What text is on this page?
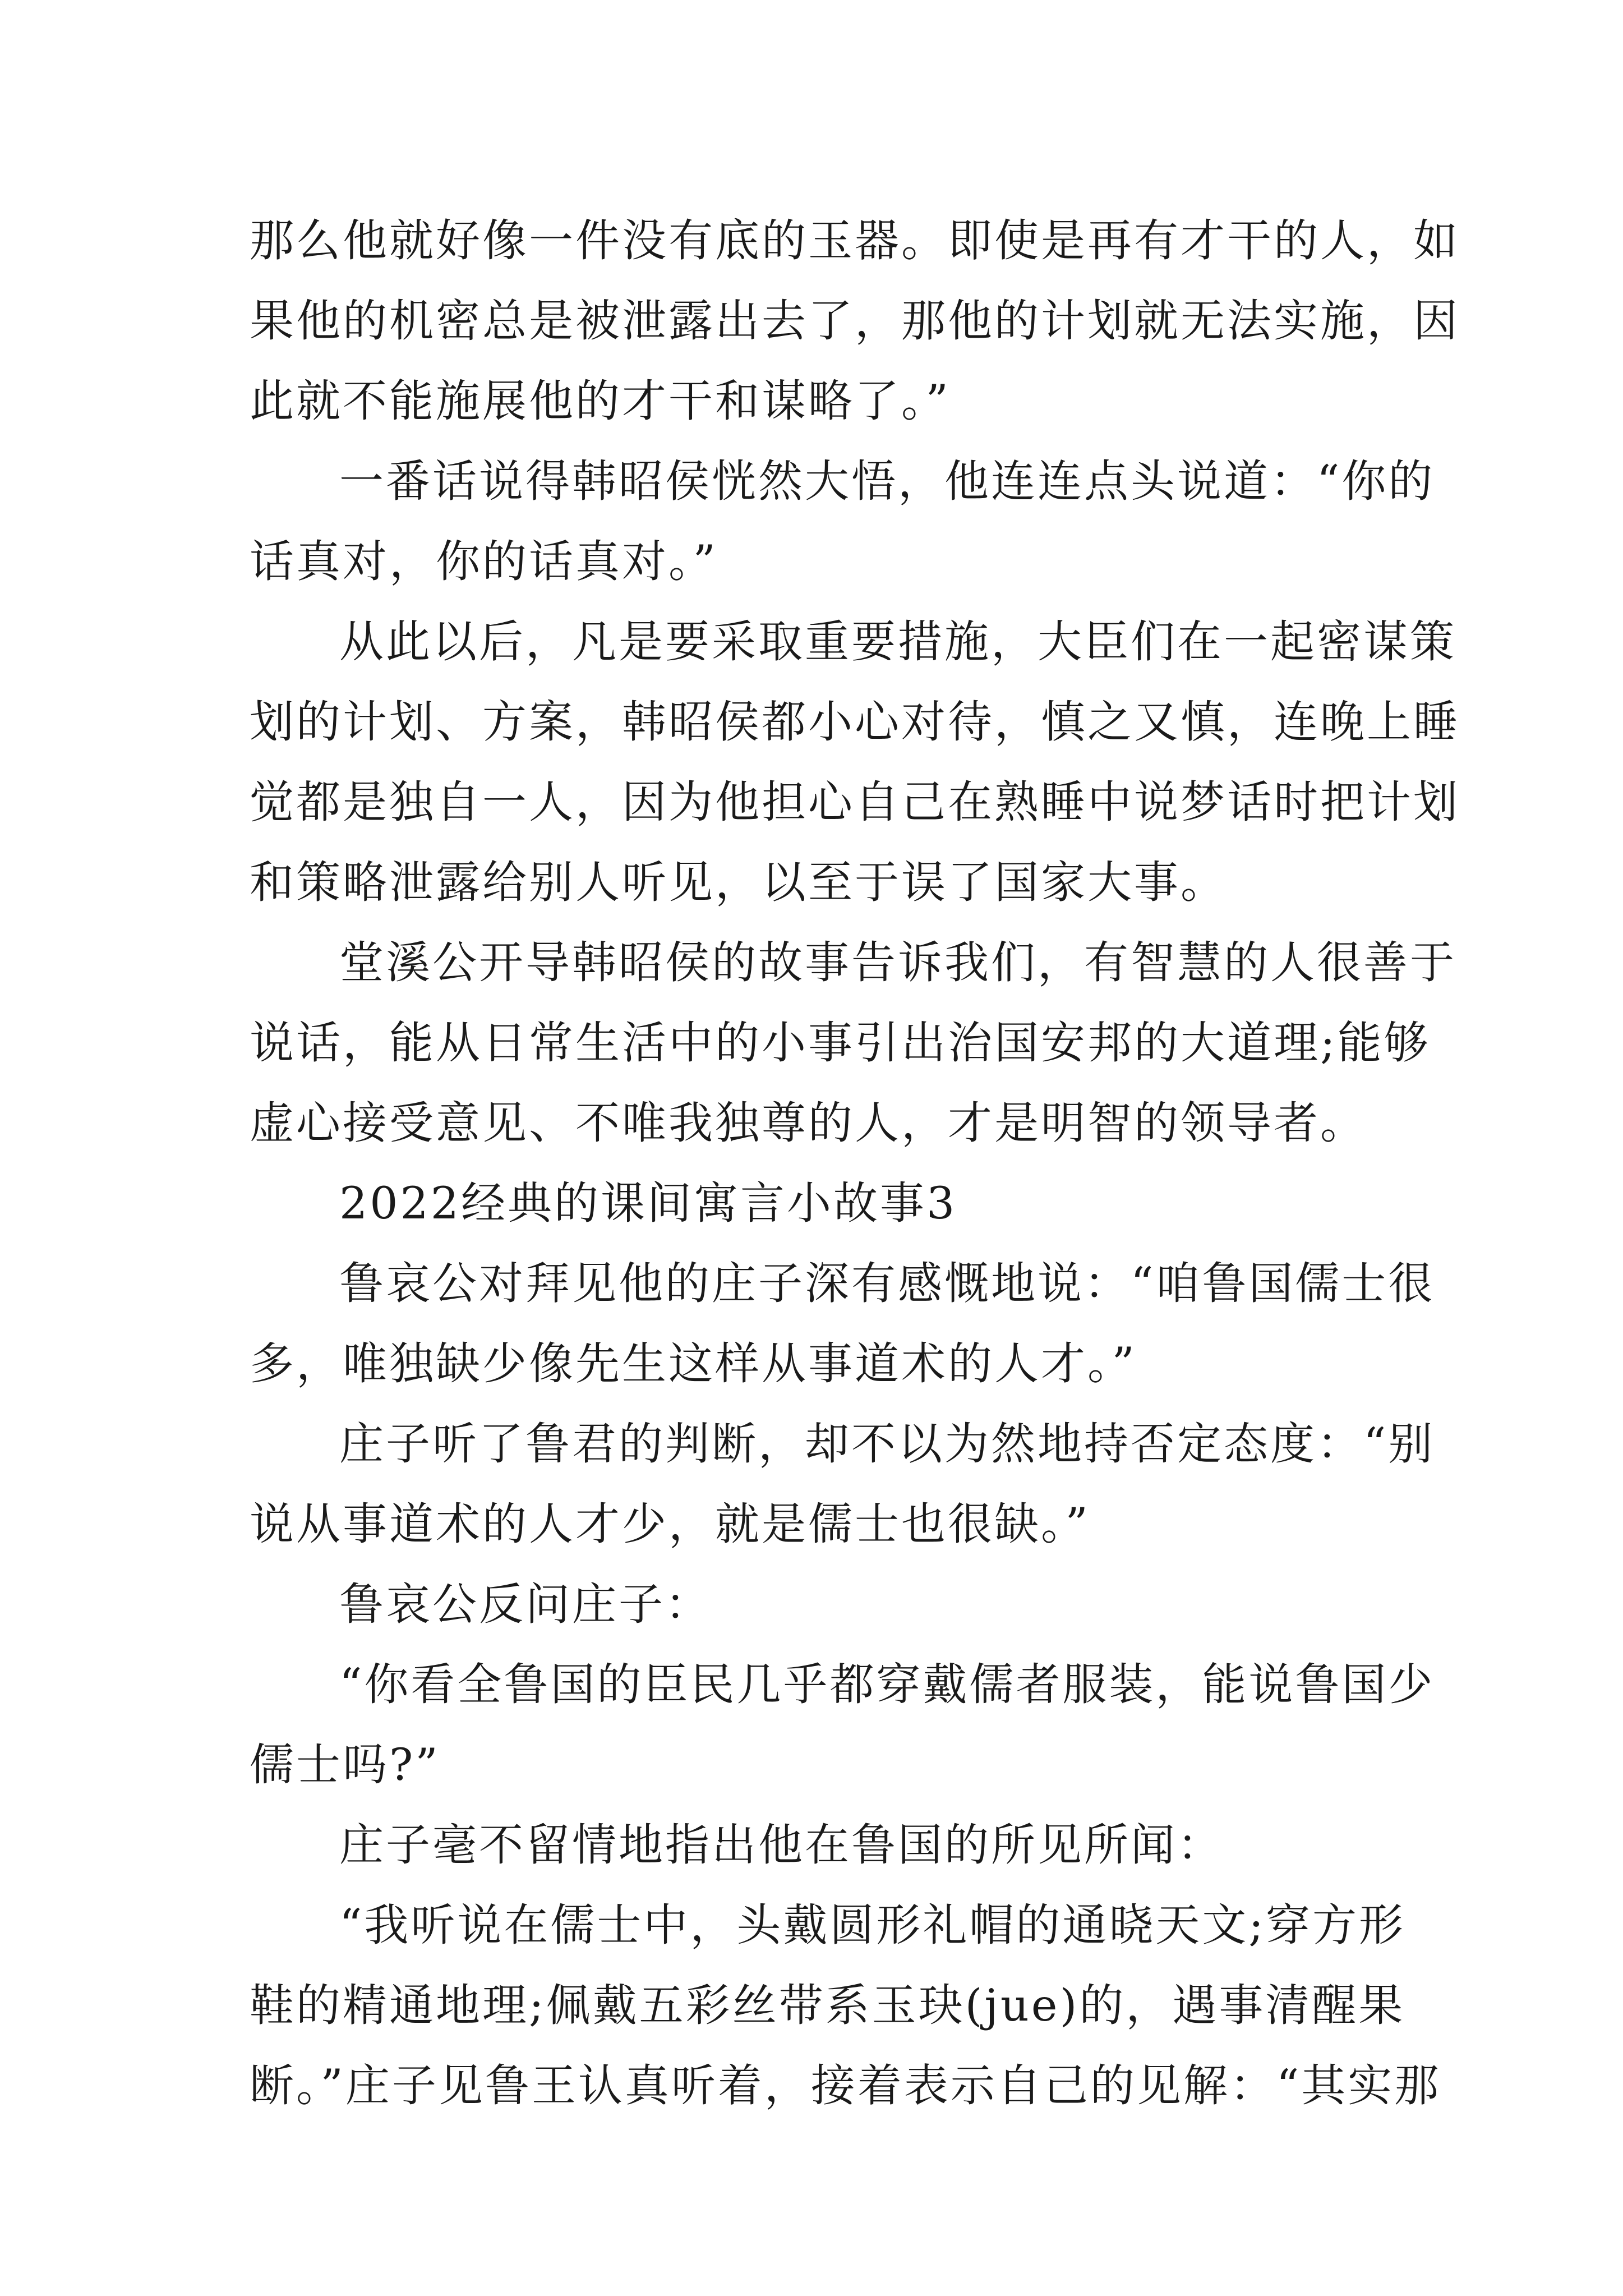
那么他就好像一件没有底的玉器。即使是再有才干的人，如

果他的机密总是被泄露出去了，那他的计划就无法实施，因

此就不能施展他的才干和谋略了。”

一番话说得韩昭侯恍然大悟，他连连点头说道：“你的

话真对，你的话真对。”

从此以后，凡是要采取重要措施，大臣们在一起密谋策

划的计划、方案，韩昭侯都小心对待，慎之又慎，连晚上睡

觉都是独自一人，因为他担心自己在熟睡中说梦话时把计划

和策略泄露给别人听见，以至于误了国家大事。

堂溪公开导韩昭侯的故事告诉我们，有智慧的人很善于

说话，能从日常生活中的小事引出治国安邦的大道理;能够

虚心接受意见、不唯我独尊的人，才是明智的领导者。

2022经典的课间寓言小故事3

鲁哀公对拜见他的庄子深有感慨地说：“咱鲁国儒士很

多，唯独缺少像先生这样从事道术的人才。”

庄子听了鲁君的判断，却不以为然地持否定态度：“别

说从事道术的人才少，就是儒士也很缺。”

鲁哀公反问庄子：

“你看全鲁国的臣民几乎都穿戴儒者服装，能说鲁国少

儒士吗?”

庄子毫不留情地指出他在鲁国的所见所闻：

“我听说在儒士中，头戴圆形礼帽的通晓天文;穿方形

鞋的精通地理;佩戴五彩丝带系玉玦(jue)的，遇事清醒果

断。”庄子见鲁王认真听着，接着表示自己的见解：“其实那
